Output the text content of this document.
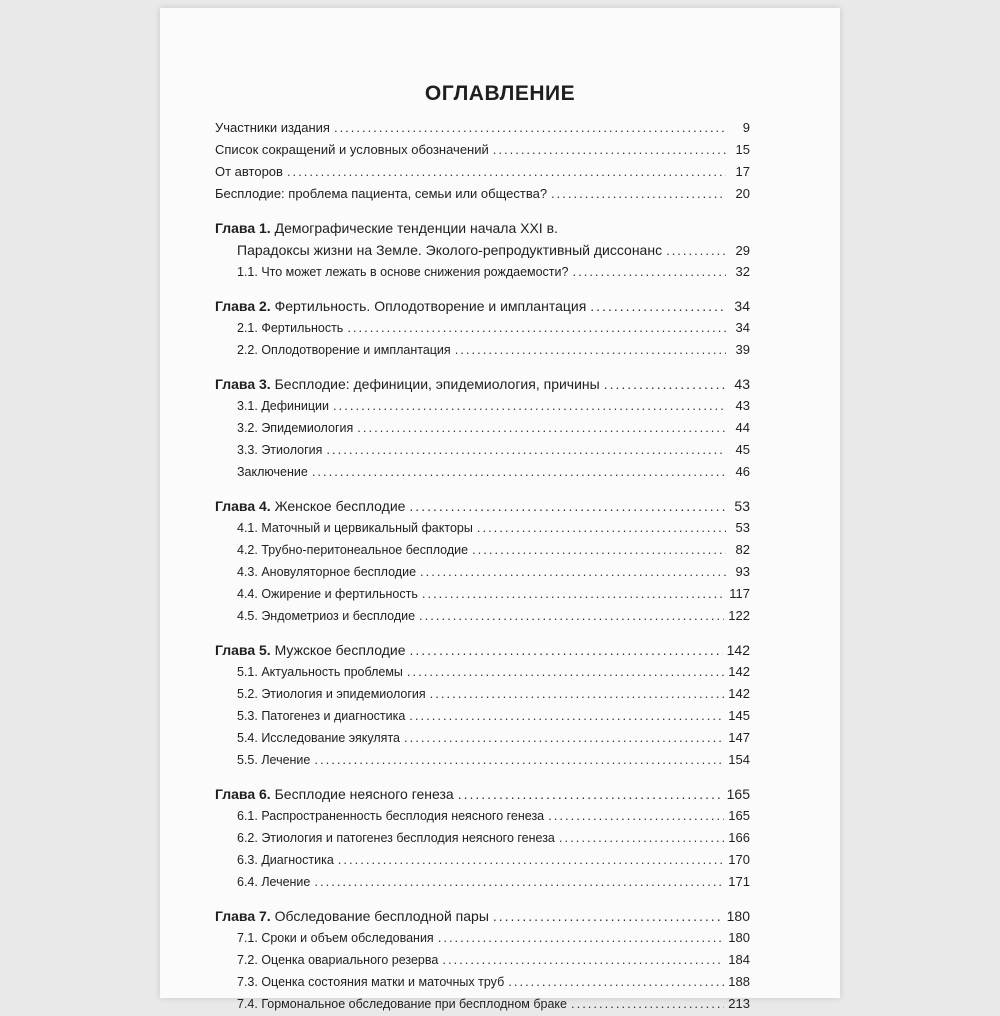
ОГЛАВЛЕНИЕ
Участники издания .....	9
Список сокращений и условных обозначений .....	15
От авторов .....	17
Бесплодие: проблема пациента, семьи или общества? .....	20
Глава 1. Демографические тенденции начала XXI в.
Парадоксы жизни на Земле. Эколого-репродуктивный диссонанс .....	29
1.1. Что может лежать в основе снижения рождаемости? .....	32
Глава 2. Фертильность. Оплодотворение и имплантация .....	34
2.1. Фертильность .....	34
2.2. Оплодотворение и имплантация .....	39
Глава 3. Бесплодие: дефиниции, эпидемиология, причины .....	43
3.1. Дефиниции .....	43
3.2. Эпидемиология .....	44
3.3. Этиология .....	45
Заключение .....	46
Глава 4. Женское бесплодие .....	53
4.1. Маточный и цервикальный факторы .....	53
4.2. Трубно-перитонеальное бесплодие .....	82
4.3. Ановуляторное бесплодие .....	93
4.4. Ожирение и фертильность .....	117
4.5. Эндометриоз и бесплодие .....	122
Глава 5. Мужское бесплодие .....	142
5.1. Актуальность проблемы .....	142
5.2. Этиология и эпидемиология .....	142
5.3. Патогенез и диагностика .....	145
5.4. Исследование эякулята .....	147
5.5. Лечение .....	154
Глава 6. Бесплодие неясного генеза .....	165
6.1. Распространенность бесплодия неясного генеза .....	165
6.2. Этиология и патогенез бесплодия неясного генеза .....	166
6.3. Диагностика .....	170
6.4. Лечение .....	171
Глава 7. Обследование бесплодной пары .....	180
7.1. Сроки и объем обследования .....	180
7.2. Оценка овариального резерва .....	184
7.3. Оценка состояния матки и маточных труб .....	188
7.4. Гормональное обследование при бесплодном браке .....	213
